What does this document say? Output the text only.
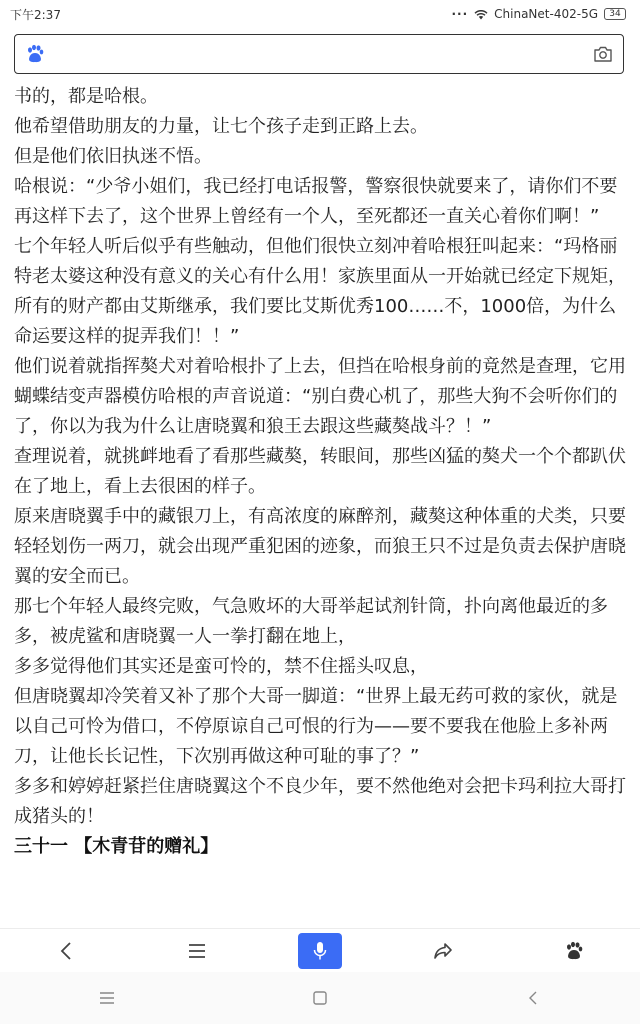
下午2:37	··· ChinaNet-402-5G 34

书的，都是哈根。

他希望借助朋友的力量，让七个孩子走到正路上去。

但是他们依旧执迷不悟。

哈根说：“少爷小姐们，我已经打电话报警，警察很快就要来了，请你们不要再这样下去了，这个世界上曾经有一个人，至死都还一直关心着你们啊！”

七个年轻人听后似乎有些触动，但他们很快立刻冲着哈根狂叫起来：“玛格丽特老太婆这种没有意义的关心有什么用！家族里面从一开始就已经定下规矩，所有的财产都由艾斯继承，我们要比艾斯优秀100……不，1000倍，为什么命运要这样的捉弄我们！！”

他们说着就指挥獒犬对着哈根扑了上去，但挡在哈根身前的竟然是查理，它用蝴蝶结变声器模仿哈根的声音说道：“别白费心机了，那些大狗不会听你们的了，你以为我为什么让唐晓翼和狼王去跟这些藏獒战斗？！”

查理说着，就挑衅地看了看那些藏獒，转眼间，那些凶猛的獒犬一个个都趴伏在了地上，看上去很困的样子。

原来唐晓翼手中的藏银刀上，有高浓度的麻醉剂，藏獒这种体重的犬类，只要轻轻划伤一两刀，就会出现严重犯困的迹象，而狼王只不过是负责去保护唐晓翼的安全而已。

那七个年轻人最终完败，气急败坏的大哥举起试剂针筒，扑向离他最近的多多，被虎鲨和唐晓翼一人一拳打翻在地上，

多多觉得他们其实还是蛮可怜的，禁不住摇头叹息，

但唐晓翼却冷笑着又补了那个大哥一脚道：“世界上最无药可救的家伙，就是以自己可怜为借口，不停原谅自己可恨的行为——要不要我在他脸上多补两刀，让他长长记性，下次别再做这种可耻的事了？”

多多和婷婷赶紧拦住唐晓翼这个不良少年，要不然他绝对会把卡玛利拉大哥打成猪头的！

三十一 【木青苷的赠礼】
